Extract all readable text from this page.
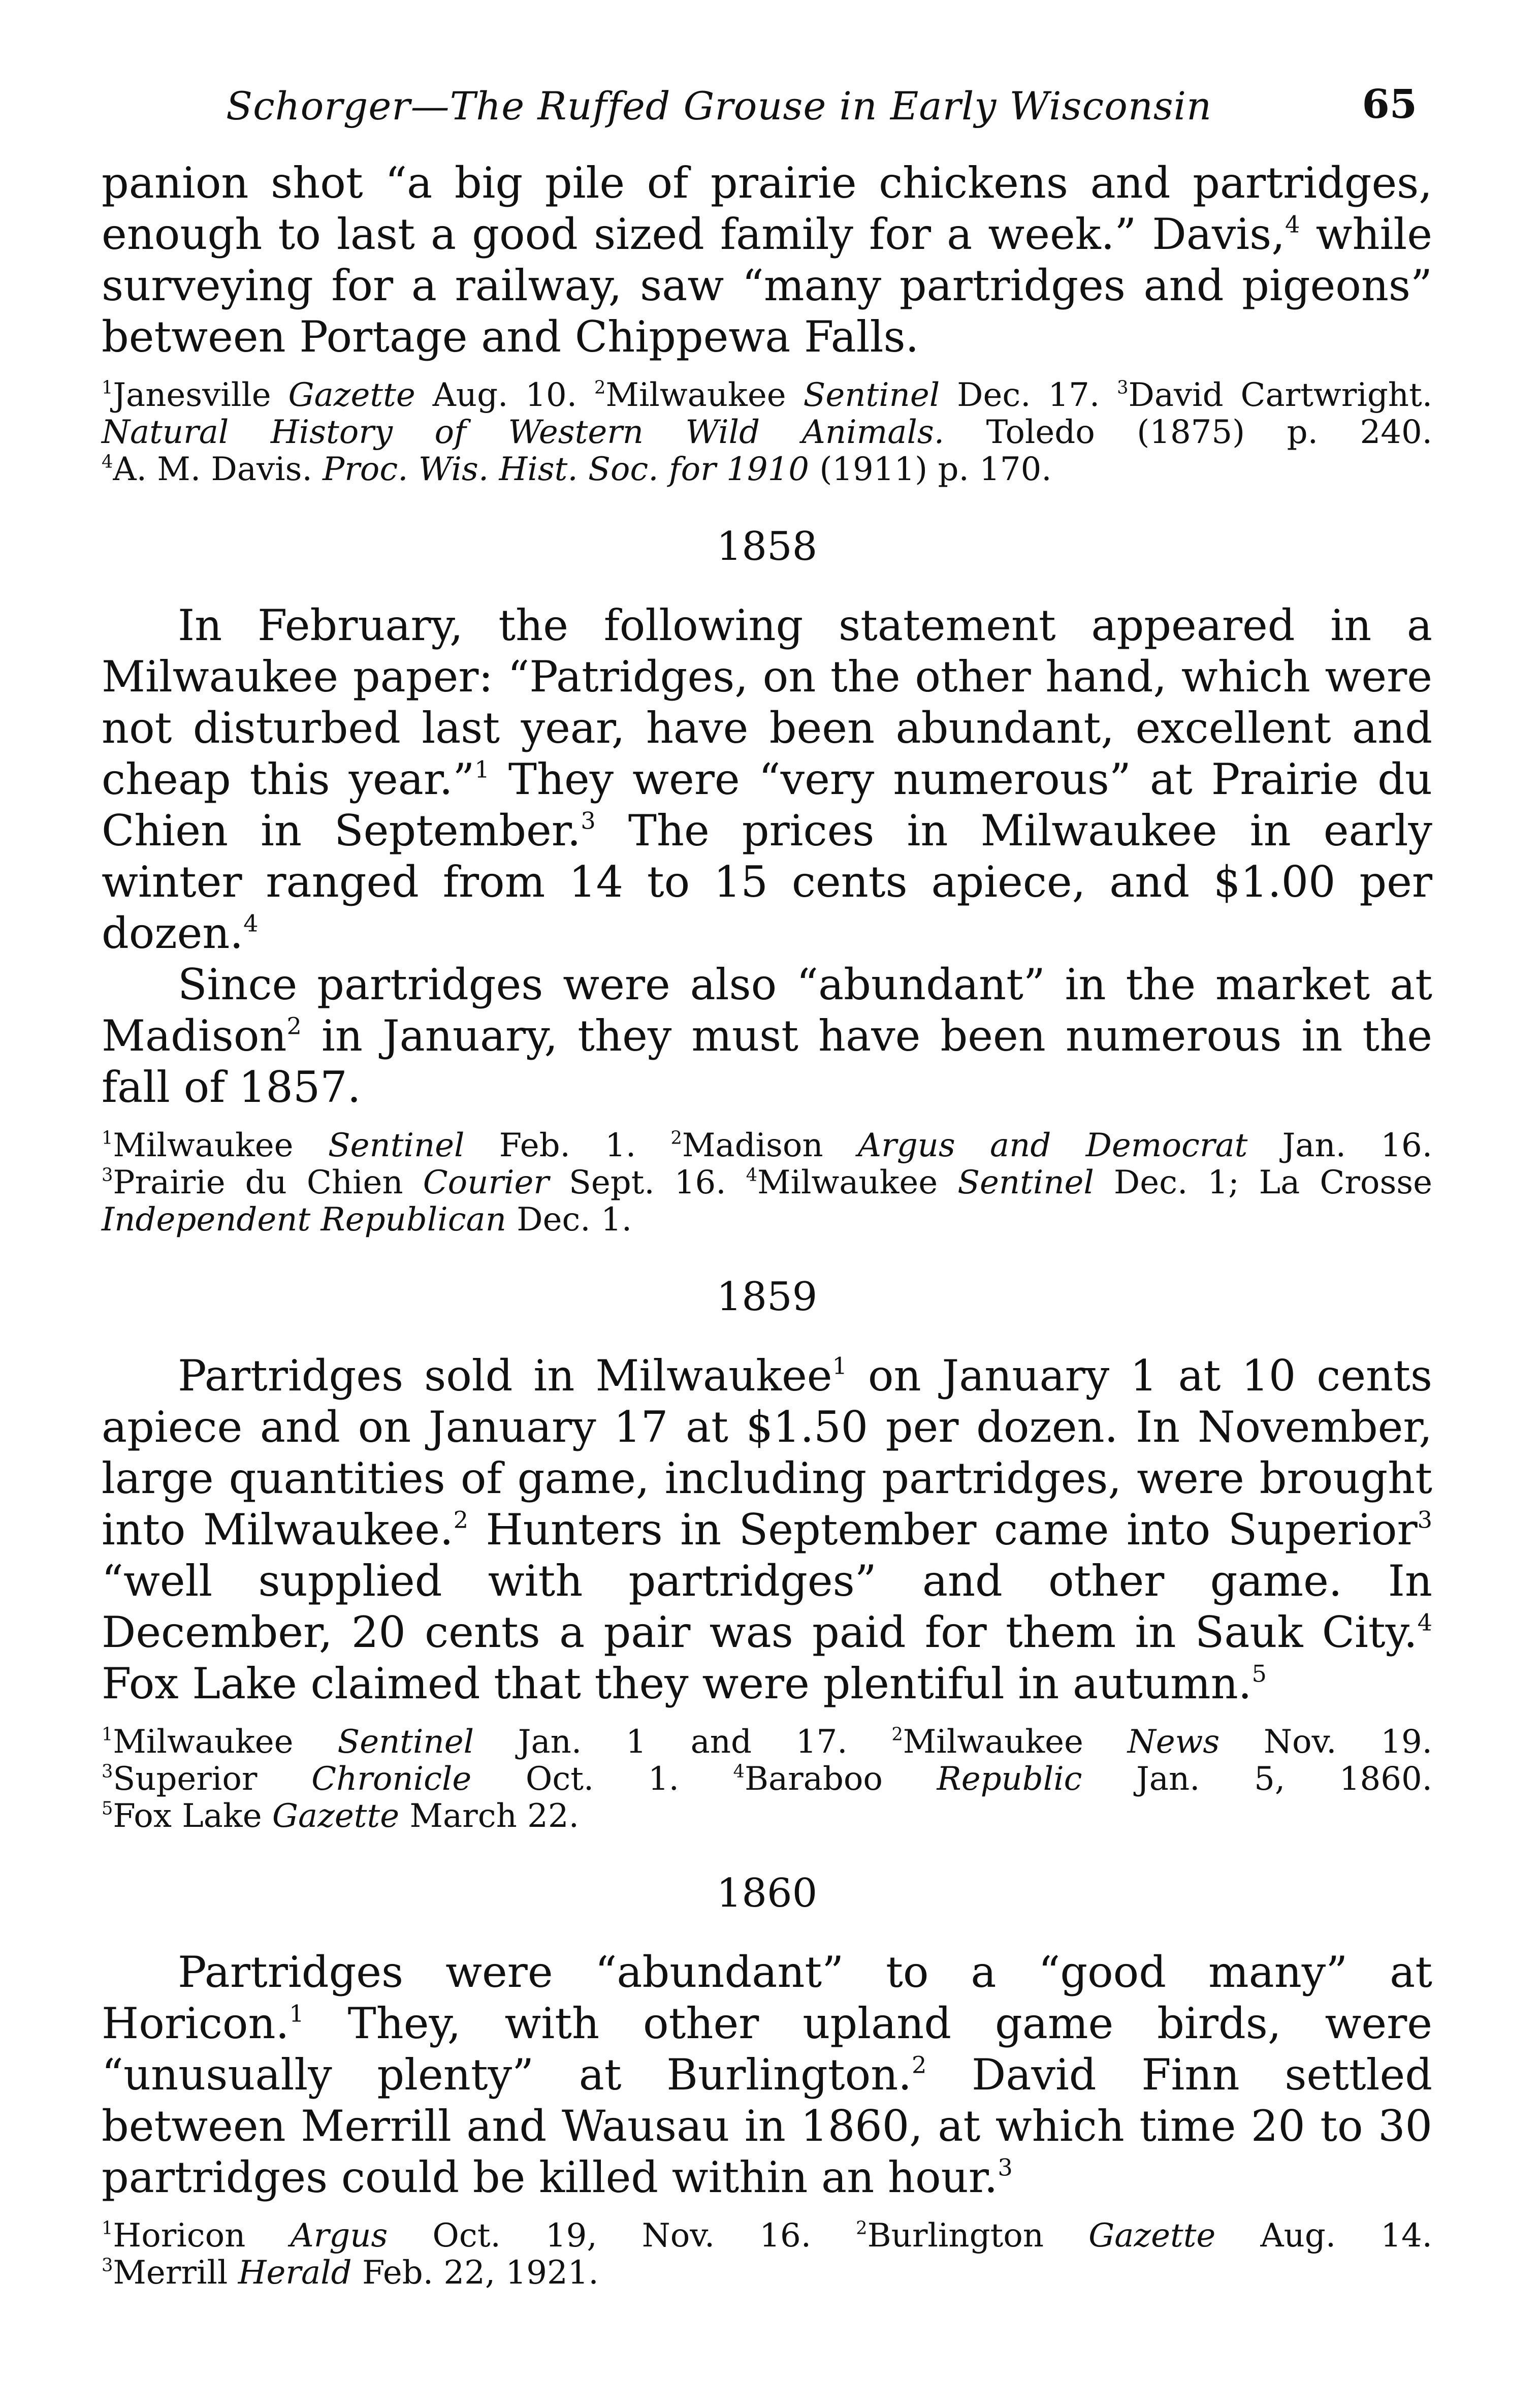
Schorger—The Ruffed Grouse in Early Wisconsin	65

panion shot “a big pile of prairie chickens and partridges, enough to last a good sized family for a week.” Davis,$^4$ while surveying for a railway, saw “many partridges and pigeons” between Portage and Chippewa Falls.

$^1$Janesville Gazette Aug. 10. $^2$Milwaukee Sentinel Dec. 17. $^3$David Cartwright. Natural History of Western Wild Animals. Toledo (1875) p. 240. $^4$A. M. Davis. Proc. Wis. Hist. Soc. for 1910 (1911) p. 170.

1858

In February, the following statement appeared in a Milwaukee paper: “Patridges, on the other hand, which were not disturbed last year, have been abundant, excellent and cheap this year.”$^1$ They were “very numerous” at Prairie du Chien in September.$^3$ The prices in Milwaukee in early winter ranged from 14 to 15 cents apiece, and $1.00 per dozen.$^4$

Since partridges were also “abundant” in the market at Madison$^2$ in January, they must have been numerous in the fall of 1857.

$^1$Milwaukee Sentinel Feb. 1. $^2$Madison Argus and Democrat Jan. 16. $^3$Prairie du Chien Courier Sept. 16. $^4$Milwaukee Sentinel Dec. 1; La Crosse Independent Republican Dec. 1.

1859

Partridges sold in Milwaukee$^1$ on January 1 at 10 cents apiece and on January 17 at $1.50 per dozen. In November, large quantities of game, including partridges, were brought into Milwaukee.$^2$ Hunters in September came into Superior$^3$ “well supplied with partridges” and other game. In December, 20 cents a pair was paid for them in Sauk City.$^4$ Fox Lake claimed that they were plentiful in autumn.$^5$

$^1$Milwaukee Sentinel Jan. 1 and 17. $^2$Milwaukee News Nov. 19. $^3$Superior Chronicle Oct. 1.	$^4$Baraboo Republic Jan. 5, 1860. $^5$Fox Lake Gazette March 22.

1860

Partridges were “abundant” to a “good many” at Horicon.$^1$ They, with other upland game birds, were “unusually plenty” at Burlington.$^2$ David Finn settled between Merrill and Wausau in 1860, at which time 20 to 30 partridges could be killed within an hour.$^3$

$^1$Horicon Argus Oct. 19, Nov. 16.	$^2$Burlington Gazette Aug. 14. $^3$Merrill Herald Feb. 22, 1921.
